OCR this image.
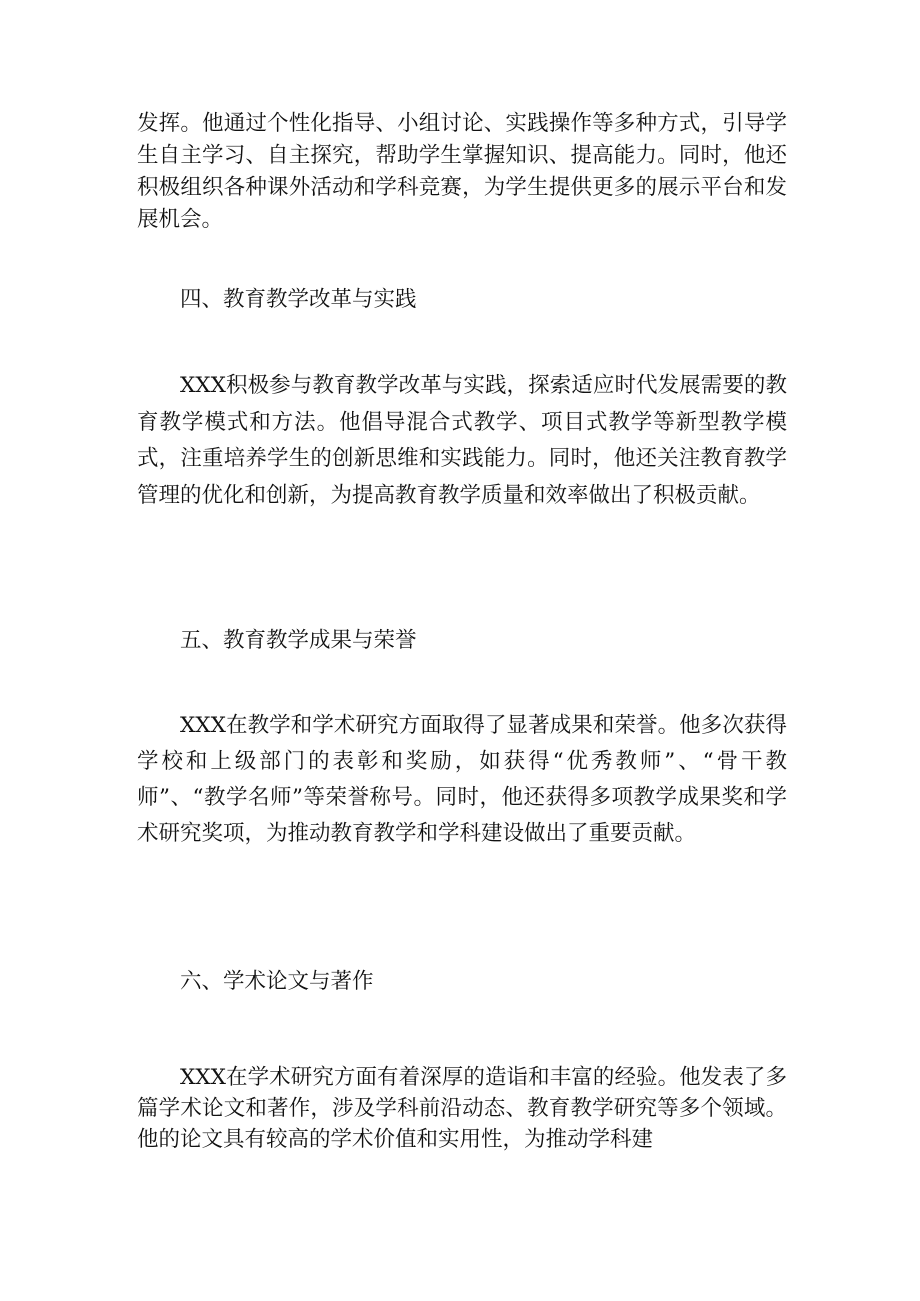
发挥。他通过个性化指导、小组讨论、实践操作等多种方式，引导学生自主学习、自主探究，帮助学生掌握知识、提高能力。同时，他还积极组织各种课外活动和学科竞赛，为学生提供更多的展示平台和发展机会。

四、教育教学改革与实践

XXX积极参与教育教学改革与实践，探索适应时代发展需要的教育教学模式和方法。他倡导混合式教学、项目式教学等新型教学模式，注重培养学生的创新思维和实践能力。同时，他还关注教育教学管理的优化和创新，为提高教育教学质量和效率做出了积极贡献。

五、教育教学成果与荣誉

XXX在教学和学术研究方面取得了显著成果和荣誉。他多次获得学校和上级部门的表彰和奖励，如获得“优秀教师”、“骨干教师”、“教学名师”等荣誉称号。同时，他还获得多项教学成果奖和学术研究奖项，为推动教育教学和学科建设做出了重要贡献。

六、学术论文与著作

XXX在学术研究方面有着深厚的造诣和丰富的经验。他发表了多篇学术论文和著作，涉及学科前沿动态、教育教学研究等多个领域。他的论文具有较高的学术价值和实用性，为推动学科建
